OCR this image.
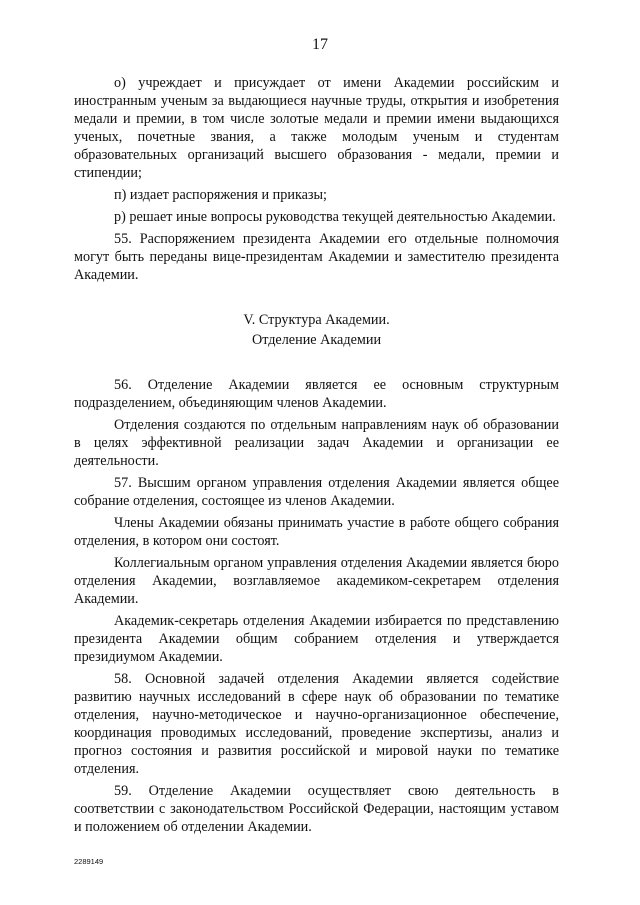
17

о) учреждает и присуждает от имени Академии российским и иностранным ученым за выдающиеся научные труды, открытия и изобретения медали и премии, в том числе золотые медали и премии имени выдающихся ученых, почетные звания, а также молодым ученым и студентам образовательных организаций высшего образования - медали, премии и стипендии;

п) издает распоряжения и приказы;

р) решает иные вопросы руководства текущей деятельностью Академии.

55. Распоряжением президента Академии его отдельные полномочия могут быть переданы вице-президентам Академии и заместителю президента Академии.

V. Структура Академии.
Отделение Академии

56. Отделение Академии является ее основным структурным подразделением, объединяющим членов Академии.

Отделения создаются по отдельным направлениям наук об образовании в целях эффективной реализации задач Академии и организации ее деятельности.

57. Высшим органом управления отделения Академии является общее собрание отделения, состоящее из членов Академии.

Члены Академии обязаны принимать участие в работе общего собрания отделения, в котором они состоят.

Коллегиальным органом управления отделения Академии является бюро отделения Академии, возглавляемое академиком-секретарем отделения Академии.

Академик-секретарь отделения Академии избирается по представлению президента Академии общим собранием отделения и утверждается президиумом Академии.

58. Основной задачей отделения Академии является содействие развитию научных исследований в сфере наук об образовании по тематике отделения, научно-методическое и научно-организационное обеспечение, координация проводимых исследований, проведение экспертизы, анализ и прогноз состояния и развития российской и мировой науки по тематике отделения.

59. Отделение Академии осуществляет свою деятельность в соответствии с законодательством Российской Федерации, настоящим уставом и положением об отделении Академии.

2289149
